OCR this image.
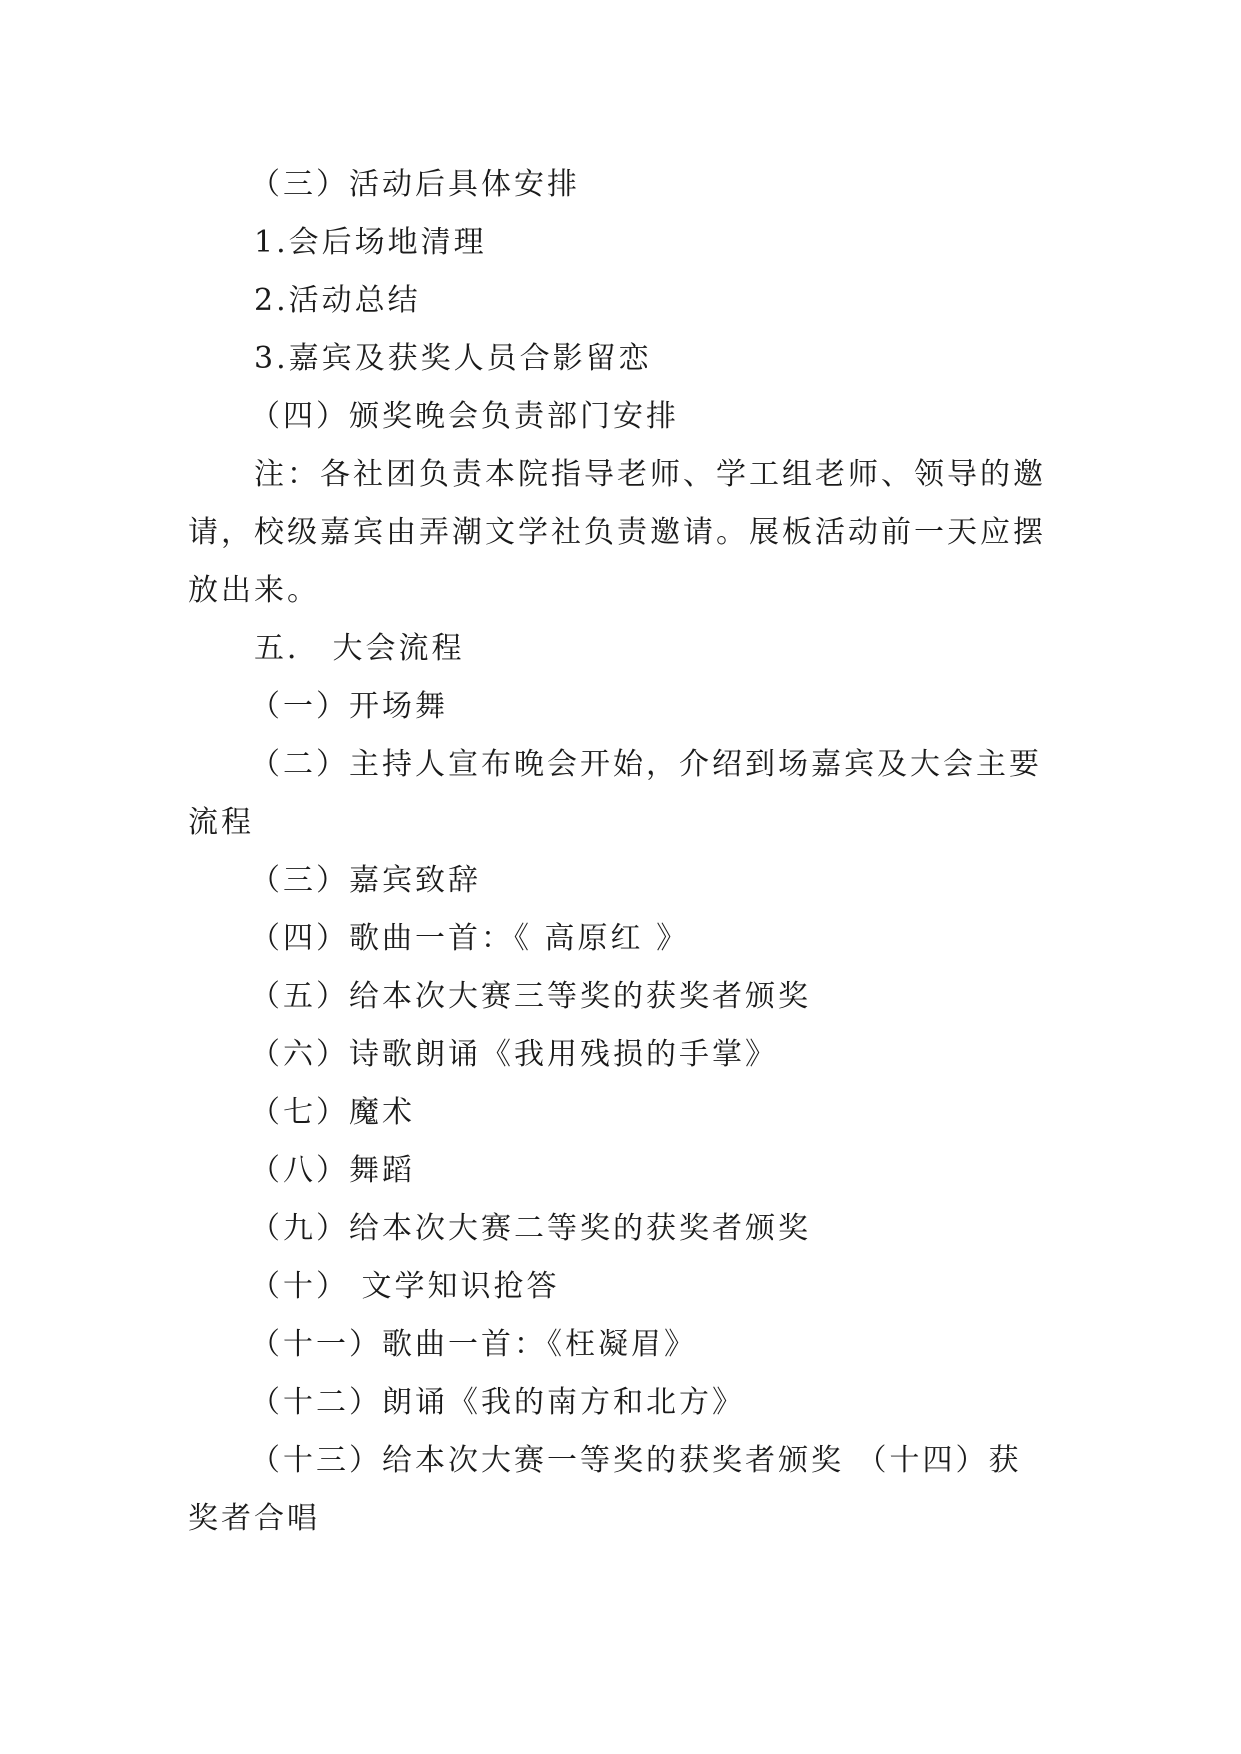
（三）活动后具体安排
1.会后场地清理
2.活动总结
3.嘉宾及获奖人员合影留恋
（四）颁奖晚会负责部门安排
注：各社团负责本院指导老师、学工组老师、领导的邀
请，校级嘉宾由弄潮文学社负责邀请。展板活动前一天应摆
放出来。
五． 大会流程
（一）开场舞
（二）主持人宣布晚会开始，介绍到场嘉宾及大会主要
流程
（三）嘉宾致辞
（四）歌曲一首：《 高原红 》
（五）给本次大赛三等奖的获奖者颁奖
（六）诗歌朗诵《我用残损的手掌》
（七）魔术
（八）舞蹈
（九）给本次大赛二等奖的获奖者颁奖
（十） 文学知识抢答
（十一）歌曲一首：《枉凝眉》
（十二）朗诵《我的南方和北方》
（十三）给本次大赛一等奖的获奖者颁奖 （十四）获
奖者合唱
